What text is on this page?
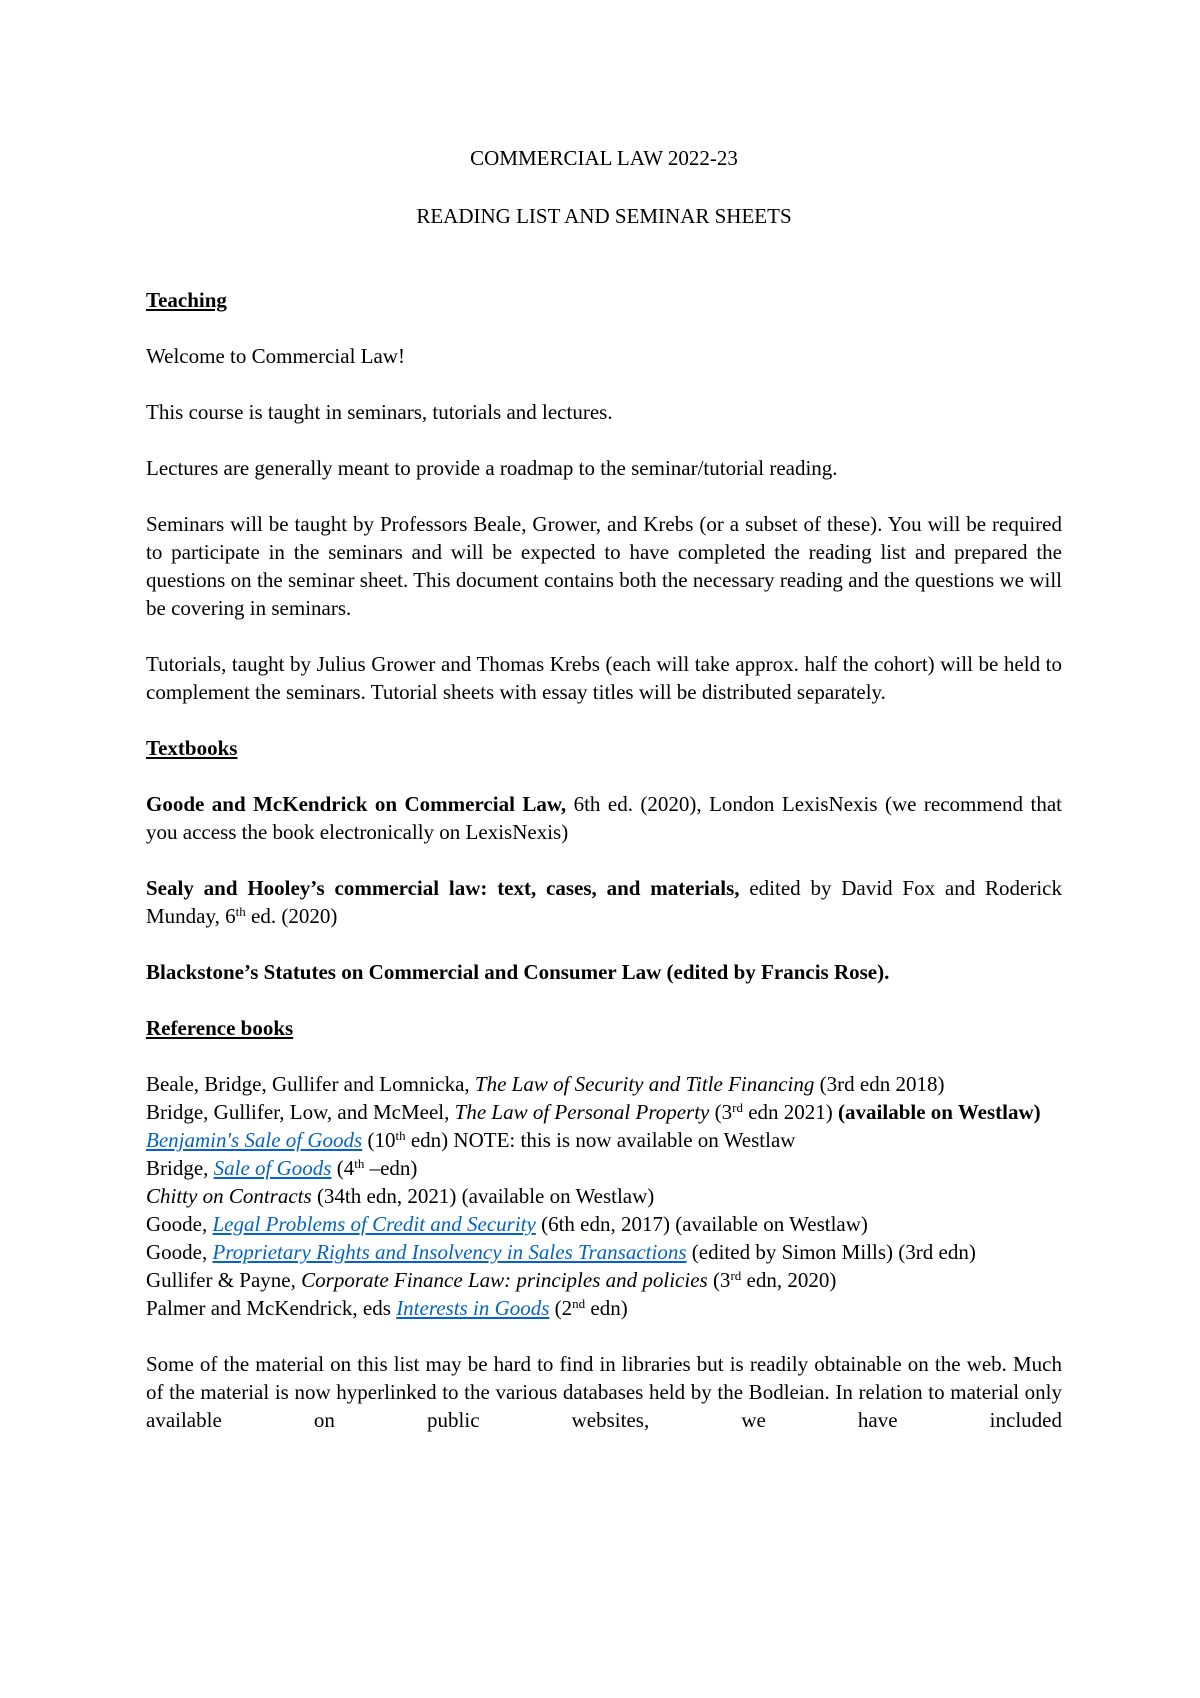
COMMERCIAL LAW 2022-23

READING LIST AND SEMINAR SHEETS

Teaching

Welcome to Commercial Law!

This course is taught in seminars, tutorials and lectures.

Lectures are generally meant to provide a roadmap to the seminar/tutorial reading.

Seminars will be taught by Professors Beale, Grower, and Krebs (or a subset of these). You will be required to participate in the seminars and will be expected to have completed the reading list and prepared the questions on the seminar sheet. This document contains both the necessary reading and the questions we will be covering in seminars.

Tutorials, taught by Julius Grower and Thomas Krebs (each will take approx. half the cohort) will be held to complement the seminars. Tutorial sheets with essay titles will be distributed separately.

Textbooks

Goode and McKendrick on Commercial Law, 6th ed. (2020), London LexisNexis (we recommend that you access the book electronically on LexisNexis)

Sealy and Hooley’s commercial law: text, cases, and materials, edited by David Fox and Roderick Munday, 6th ed. (2020)

Blackstone’s Statutes on Commercial and Consumer Law (edited by Francis Rose).

Reference books

Beale, Bridge, Gullifer and Lomnicka, The Law of Security and Title Financing (3rd edn 2018)

Bridge, Gullifer, Low, and McMeel, The Law of Personal Property (3rd edn 2021) (available on Westlaw)

Benjamin's Sale of Goods (10th edn) NOTE: this is now available on Westlaw

Bridge, Sale of Goods (4th –edn)

Chitty on Contracts (34th edn, 2021) (available on Westlaw)

Goode, Legal Problems of Credit and Security (6th edn, 2017) (available on Westlaw)

Goode, Proprietary Rights and Insolvency in Sales Transactions (edited by Simon Mills) (3rd edn)

Gullifer & Payne, Corporate Finance Law: principles and policies (3rd edn, 2020)

Palmer and McKendrick, eds Interests in Goods (2nd edn)

Some of the material on this list may be hard to find in libraries but is readily obtainable on the web. Much of the material is now hyperlinked to the various databases held by the Bodleian. In relation to material only available on public websites, we have included
